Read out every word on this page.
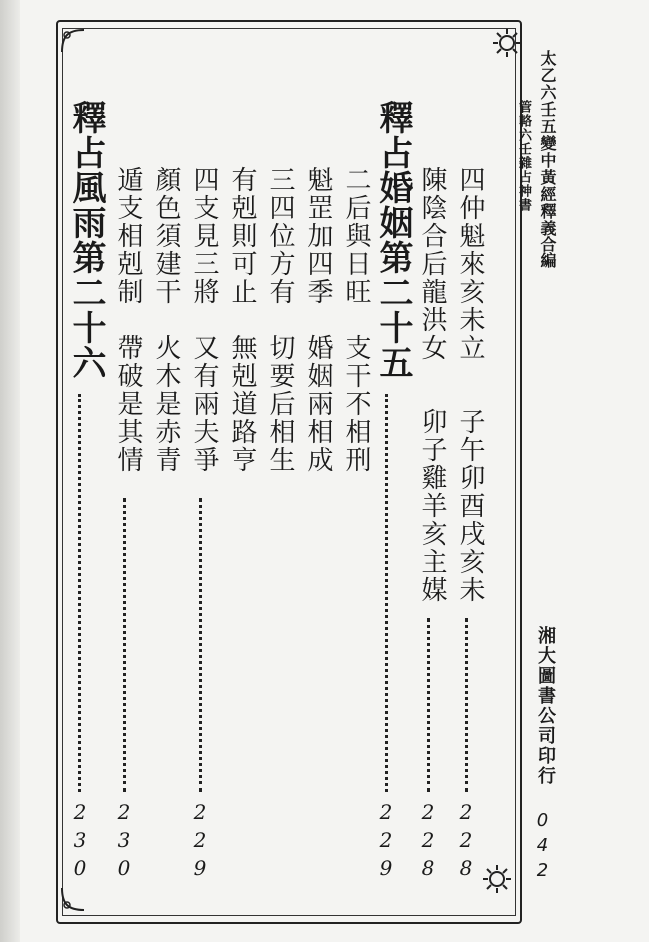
太乙六壬五變中黃經釋義
管輅六壬雜占神書
合編
湘大圖書公司印行
042
四仲魁來亥未立
子午卯酉戌亥未
228
陳陰合后龍洪女
卯子雞羊亥主媒
228
釋占婚姻第二十五
229
二后與日旺
支干不相刑
魁罡加四季
婚姻兩相成
三四位方有
切要后相生
有剋則可止
無剋道路亨
四支見三將
又有兩夫爭
229
顏色須建干
火木是赤青
遁支相剋制
帶破是其情
230
釋占風雨第二十六
230
